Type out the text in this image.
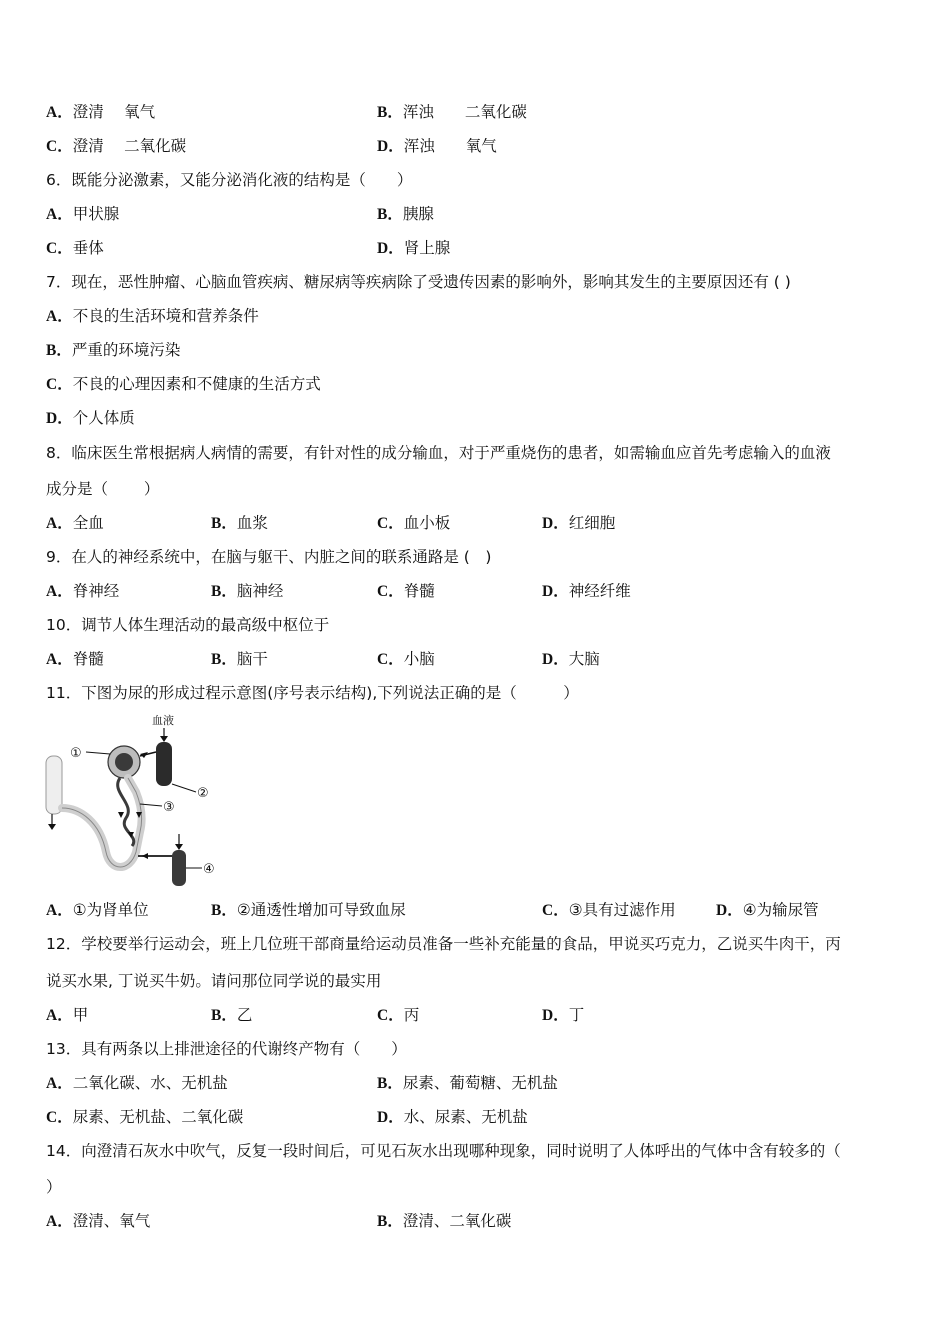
A．澄清　 氧气	B．浑浊　　二氧化碳
C．澄清　 二氧化碳	D．浑浊　　氧气
6．既能分泌激素，又能分泌消化液的结构是（　　）
A．甲状腺	B．胰腺
C．垂体	D．肾上腺
7．现在，恶性肿瘤、心脑血管疾病、糖尿病等疾病除了受遗传因素的影响外，影响其发生的主要原因还有 ( )
A．不良的生活环境和营养条件
B．严重的环境污染
C．不良的心理因素和不健康的生活方式
D．个人体质
8．临床医生常根据病人病情的需要，有针对性的成分输血，对于严重烧伤的患者，如需输血应首先考虑输入的血液
成分是（　　 ）
A．全血	B．血浆	C．血小板	D．红细胞
9．在人的神经系统中，在脑与躯干、内脏之间的联系通路是 (　)
A．脊神经	B．脑神经	C．脊髓	D．神经纤维
10．调节人体生理活动的最高级中枢位于
A．脊髓	B．脑干	C．小脑	D．大脑
11．下图为尿的形成过程示意图(序号表示结构),下列说法正确的是（　　　）
血液
①
②
③
④
A．①为肾单位	B．②通透性增加可导致血尿	C．③具有过滤作用	D．④为输尿管
12．学校要举行运动会，班上几位班干部商量给运动员准备一些补充能量的食品，甲说买巧克力，乙说买牛肉干，丙
说买水果, 丁说买牛奶。请问那位同学说的最实用
A．甲	B．乙	C．丙	D．丁
13．具有两条以上排泄途径的代谢终产物有（　　）
A．二氧化碳、水、无机盐	B．尿素、葡萄糖、无机盐
C．尿素、无机盐、二氧化碳	D．水、尿素、无机盐
14．向澄清石灰水中吹气，反复一段时间后，可见石灰水出现哪种现象，同时说明了人体呼出的气体中含有较多的（
）
A．澄清、氧气	B．澄清、二氧化碳
